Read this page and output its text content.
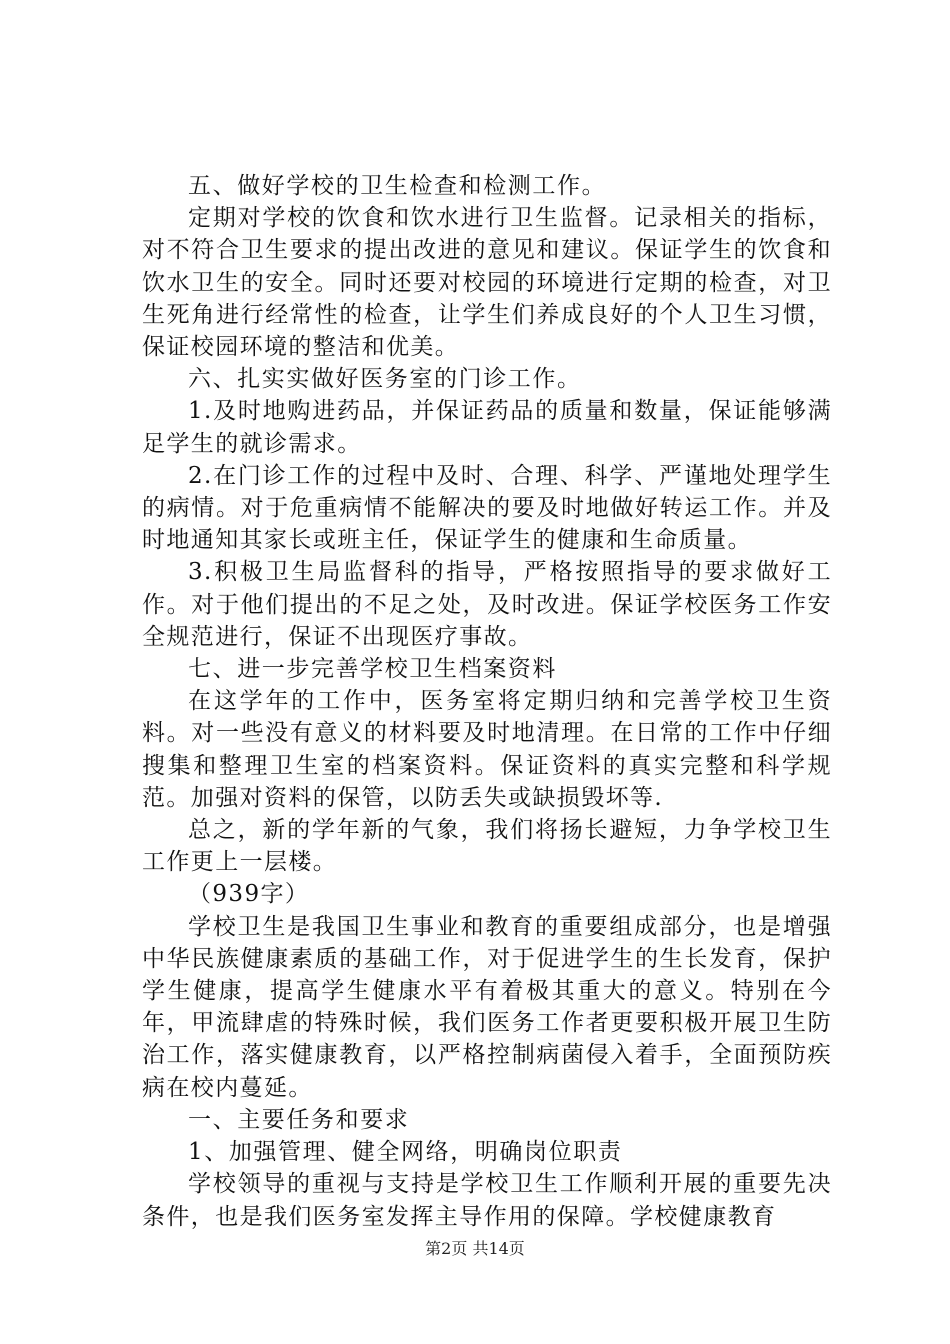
五、做好学校的卫生检查和检测工作。

定期对学校的饮食和饮水进行卫生监督。记录相关的指标，对不符合卫生要求的提出改进的意见和建议。保证学生的饮食和饮水卫生的安全。同时还要对校园的环境进行定期的检查，对卫生死角进行经常性的检查，让学生们养成良好的个人卫生习惯，保证校园环境的整洁和优美。

六、扎实实做好医务室的门诊工作。

1.及时地购进药品，并保证药品的质量和数量，保证能够满足学生的就诊需求。

2.在门诊工作的过程中及时、合理、科学、严谨地处理学生的病情。对于危重病情不能解决的要及时地做好转运工作。并及时地通知其家长或班主任，保证学生的健康和生命质量。

3.积极卫生局监督科的指导，严格按照指导的要求做好工作。对于他们提出的不足之处，及时改进。保证学校医务工作安全规范进行，保证不出现医疗事故。

七、进一步完善学校卫生档案资料

在这学年的工作中，医务室将定期归纳和完善学校卫生资料。对一些没有意义的材料要及时地清理。在日常的工作中仔细搜集和整理卫生室的档案资料。保证资料的真实完整和科学规范。加强对资料的保管，以防丢失或缺损毁坏等.

总之，新的学年新的气象，我们将扬长避短，力争学校卫生工作更上一层楼。

（939字）

学校卫生是我国卫生事业和教育的重要组成部分，也是增强中华民族健康素质的基础工作，对于促进学生的生长发育，保护学生健康，提高学生健康水平有着极其重大的意义。特别在今年，甲流肆虐的特殊时候，我们医务工作者更要积极开展卫生防治工作，落实健康教育，以严格控制病菌侵入着手，全面预防疾病在校内蔓延。

一、主要任务和要求

1、加强管理、健全网络，明确岗位职责

学校领导的重视与支持是学校卫生工作顺利开展的重要先决条件，也是我们医务室发挥主导作用的保障。学校健康教育

第2页 共14页
